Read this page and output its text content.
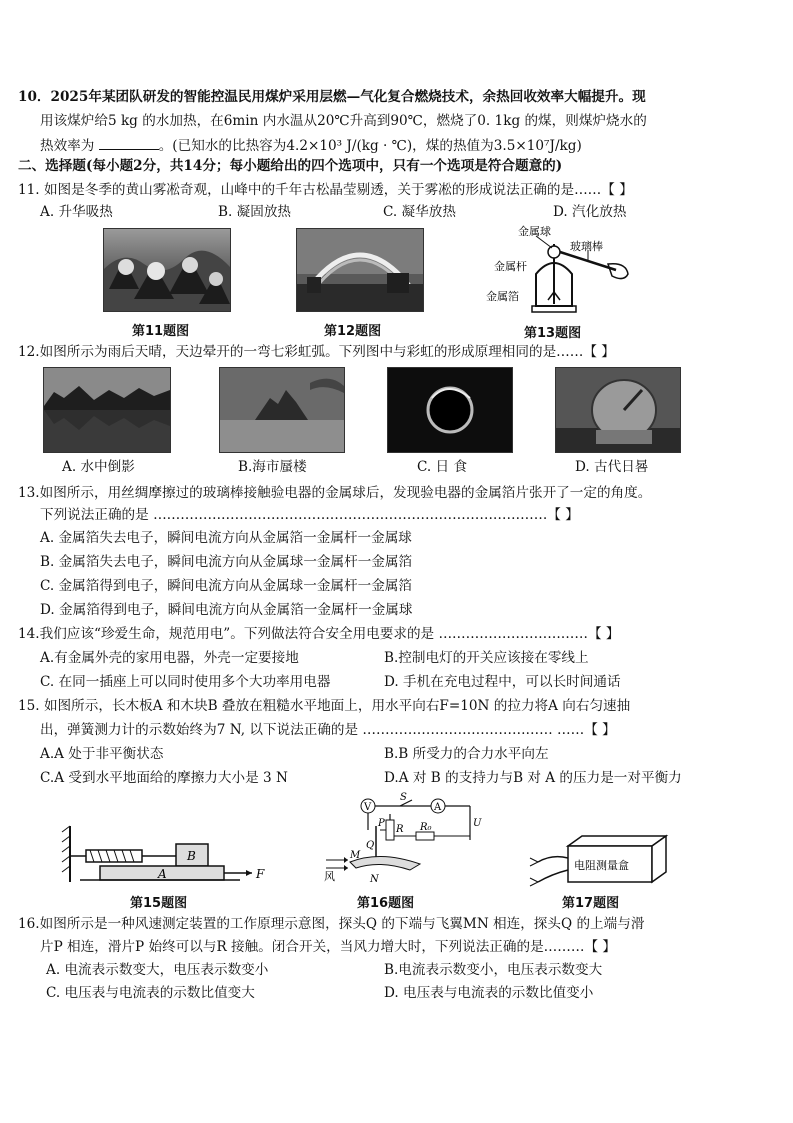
10．2025年某团队研发的智能控温民用煤炉采用层燃—气化复合燃烧技术，余热回收效率大幅提升。现
用该煤炉给5 kg 的水加热，在6min 内水温从20℃升高到90℃，燃烧了0. 1kg 的煤，则煤炉烧水的
热效率为	。(已知水的比热容为4.2×10³ J/(kg · ℃)，煤的热值为3.5×10⁷J/kg)
二、选择题(每小题2分，共14分；每小题给出的四个选项中，只有一个选项是符合题意的)
11. 如图是冬季的黄山雾凇奇观，山峰中的千年古松晶莹剔透，关于雾凇的形成说法正确的是……【 】
A. 升华吸热	B. 凝固放热	C. 凝华放热	D. 汽化放热
金属球
玻璃棒
金属杆
金属箔
第11题图	第12题图	第13题图
12.如图所示为雨后天晴，天边晕开的一弯七彩虹弧。下列图中与彩虹的形成原理相同的是……【 】
A. 水中倒影	B.海市蜃楼	C. 日 食	D. 古代日晷
13.如图所示，用丝绸摩擦过的玻璃棒接触验电器的金属球后，发现验电器的金属箔片张开了一定的角度。
下列说法正确的是 ……………………………………………………………………………【 】
A. 金属箔失去电子，瞬间电流方向从金属箔一金属杆一金属球
B. 金属箔失去电子，瞬间电流方向从金属球一金属杆一金属箔
C. 金属箔得到电子，瞬间电流方向从金属球一金属杆一金属箔
D. 金属箔得到电子，瞬间电流方向从金属箔一金属杆一金属球
14.我们应该“珍爱生命，规范用电”。下列做法符合安全用电要求的是 ……………………………【 】
A.有金属外壳的家用电器，外壳一定要接地	B.控制电灯的开关应该接在零线上
C. 在同一插座上可以同时使用多个大功率用电器	D. 手机在充电过程中，可以长时间通话
15. 如图所示，长木板A 和木块B 叠放在粗糙水平地面上，用水平向右F=10N 的拉力将A 向右匀速抽
出，弹簧测力计的示数始终为7 N, 以下说法正确的是 …………………………………… ……【 】
A.A 处于非平衡状态	B.B 所受力的合力水平向左
C.A 受到水平地面给的摩擦力大小是 3 N	D.A 对 B 的支持力与B 对 A 的压力是一对平衡力
B
A	F
V
S
A
P
R R₀	U
Q
M
N
风
电阻测量盒
第15题图	第16题图	第17题图
16.如图所示是一种风速测定装置的工作原理示意图，探头Q 的下端与飞翼MN 相连，探头Q 的上端与滑
片P 相连，滑片P 始终可以与R 接触。闭合开关，当风力增大时，下列说法正确的是………【 】
A. 电流表示数变大，电压表示数变小	B.电流表示数变小，电压表示数变大
C. 电压表与电流表的示数比值变大	D. 电压表与电流表的示数比值变小
